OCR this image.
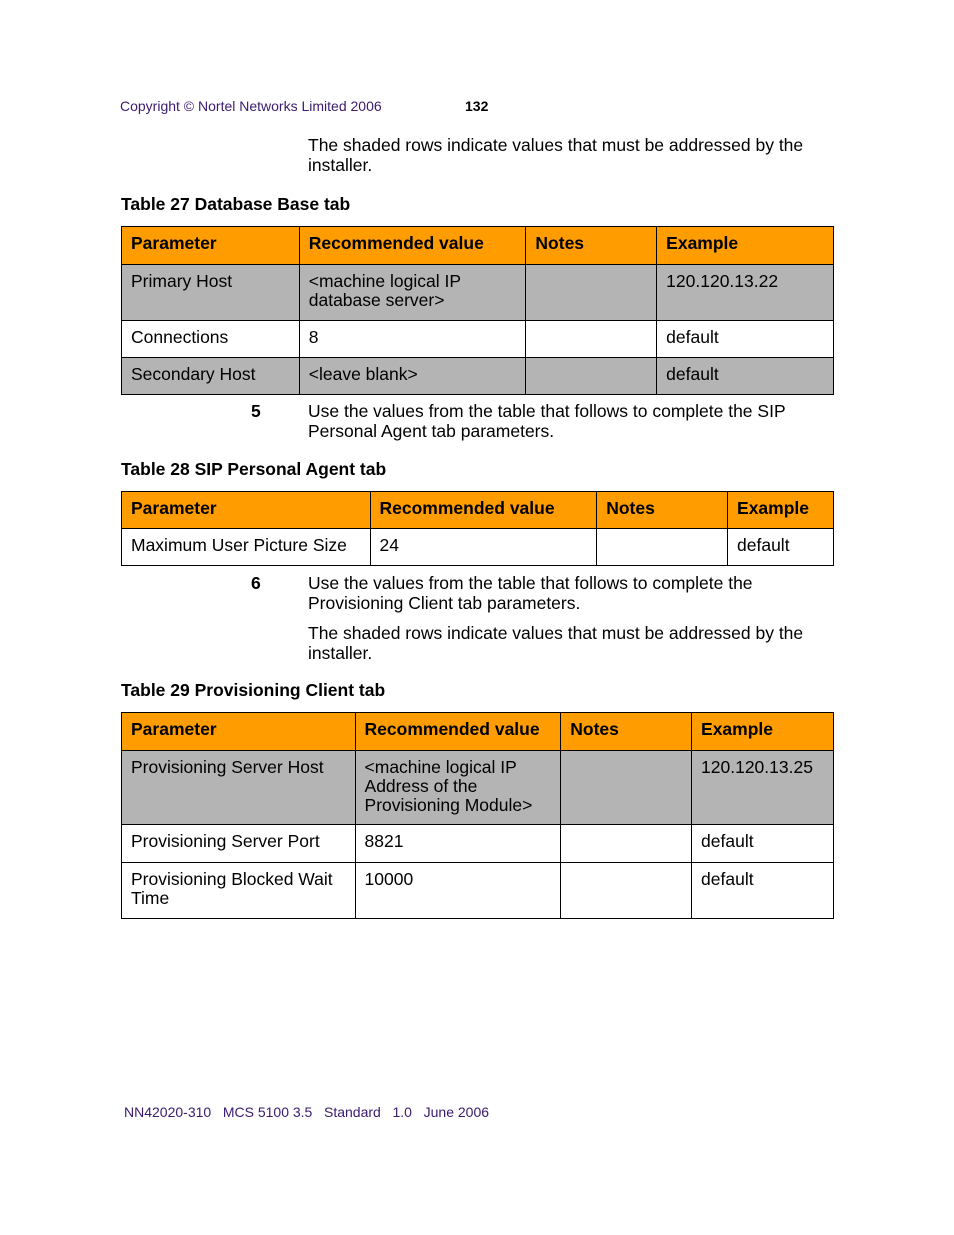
Copyright © Nortel Networks Limited 2006	132
The shaded rows indicate values that must be addressed by the installer.
Table 27 Database Base tab
Parameter	Recommended value	Notes	Example
Primary Host	<machine logical IP database server>		120.120.13.22
Connections	8		default
Secondary Host	<leave blank>		default
5	Use the values from the table that follows to complete the SIP Personal Agent tab parameters.
Table 28 SIP Personal Agent tab
Parameter	Recommended value	Notes	Example
Maximum User Picture Size	24		default
6	Use the values from the table that follows to complete the Provisioning Client tab parameters.
The shaded rows indicate values that must be addressed by the installer.
Table 29 Provisioning Client tab
Parameter	Recommended value	Notes	Example
Provisioning Server Host	<machine logical IP Address of the Provisioning Module>		120.120.13.25
Provisioning Server Port	8821		default
Provisioning Blocked Wait Time	10000		default
NN42020-310   MCS 5100 3.5   Standard   1.0   June 2006
